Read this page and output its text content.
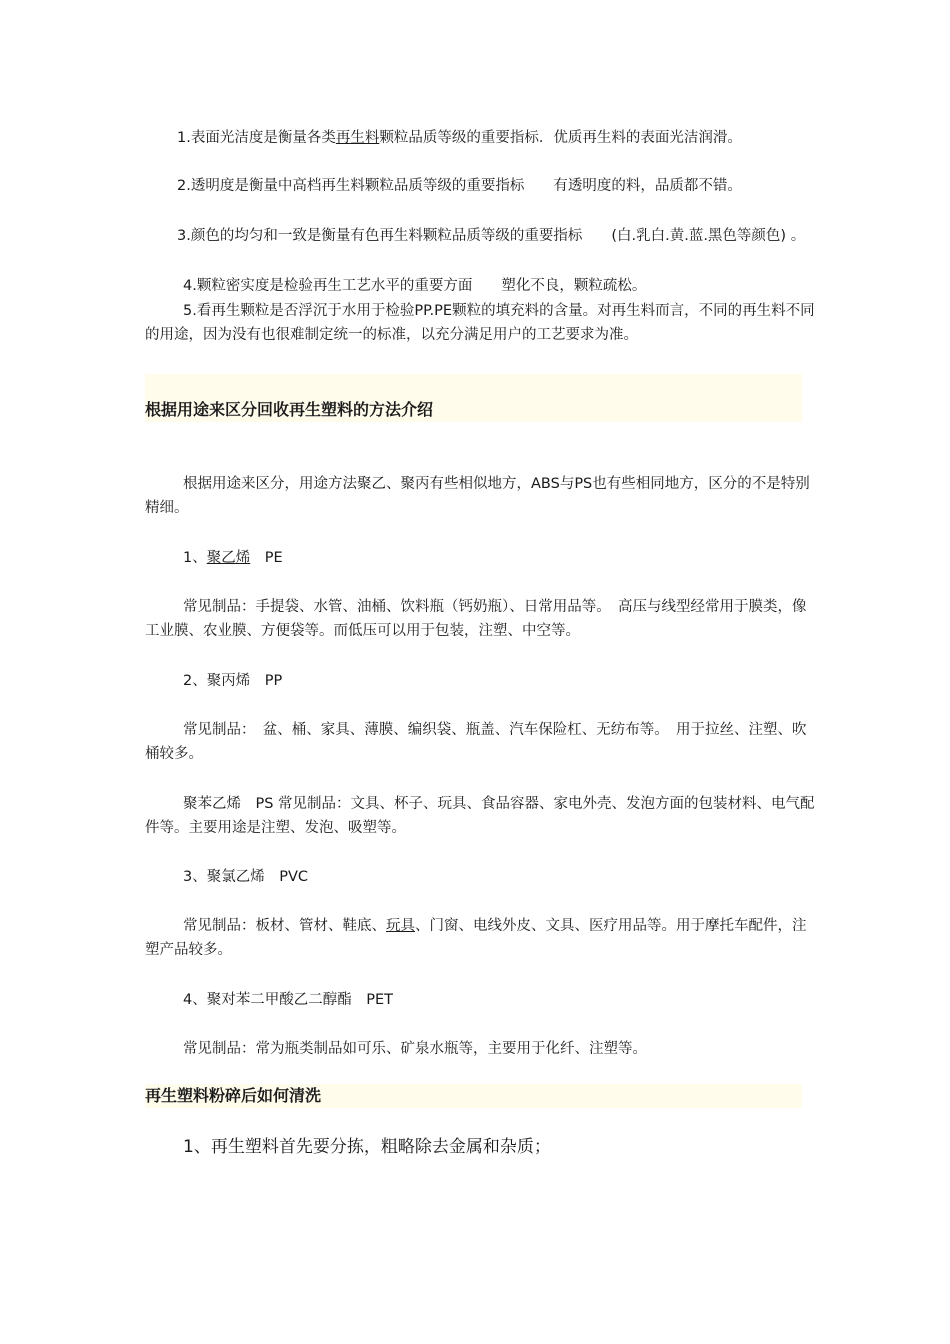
1.表面光洁度是衡量各类再生料颗粒品质等级的重要指标．优质再生料的表面光洁润滑。

2.透明度是衡量中高档再生料颗粒品质等级的重要指标　　有透明度的料，品质都不错。

3.颜色的均匀和一致是衡量有色再生料颗粒品质等级的重要指标　　(白.乳白.黄.蓝.黑色等颜色) 。

4.颗粒密实度是检验再生工艺水平的重要方面　　塑化不良，颗粒疏松。

5.看再生颗粒是否浮沉于水用于检验PP.PE颗粒的填充料的含量。对再生料而言，不同的再生料不同的用途，因为没有也很难制定统一的标准，以充分满足用户的工艺要求为准。

根据用途来区分回收再生塑料的方法介绍

根据用途来区分，用途方法聚乙、聚丙有些相似地方，ABS与PS也有些相同地方，区分的不是特别精细。

1、聚乙烯　PE

常见制品：手提袋、水管、油桶、饮料瓶（钙奶瓶）、日常用品等。　高压与线型经常用于膜类，像工业膜、农业膜、方便袋等。而低压可以用于包装，注塑、中空等。

2、聚丙烯　PP

常见制品：　盆、桶、家具、薄膜、编织袋、瓶盖、汽车保险杠、无纺布等。　用于拉丝、注塑、吹桶较多。

聚苯乙烯　PS 常见制品：文具、杯子、玩具、食品容器、家电外壳、发泡方面的包装材料、电气配件等。主要用途是注塑、发泡、吸塑等。

3、聚氯乙烯　PVC

常见制品：板材、管材、鞋底、玩具、门窗、电线外皮、文具、医疗用品等。用于摩托车配件，注塑产品较多。

4、聚对苯二甲酸乙二醇酯　PET

常见制品：常为瓶类制品如可乐、矿泉水瓶等，主要用于化纤、注塑等。

再生塑料粉碎后如何清洗

1、再生塑料首先要分拣，粗略除去金属和杂质；
